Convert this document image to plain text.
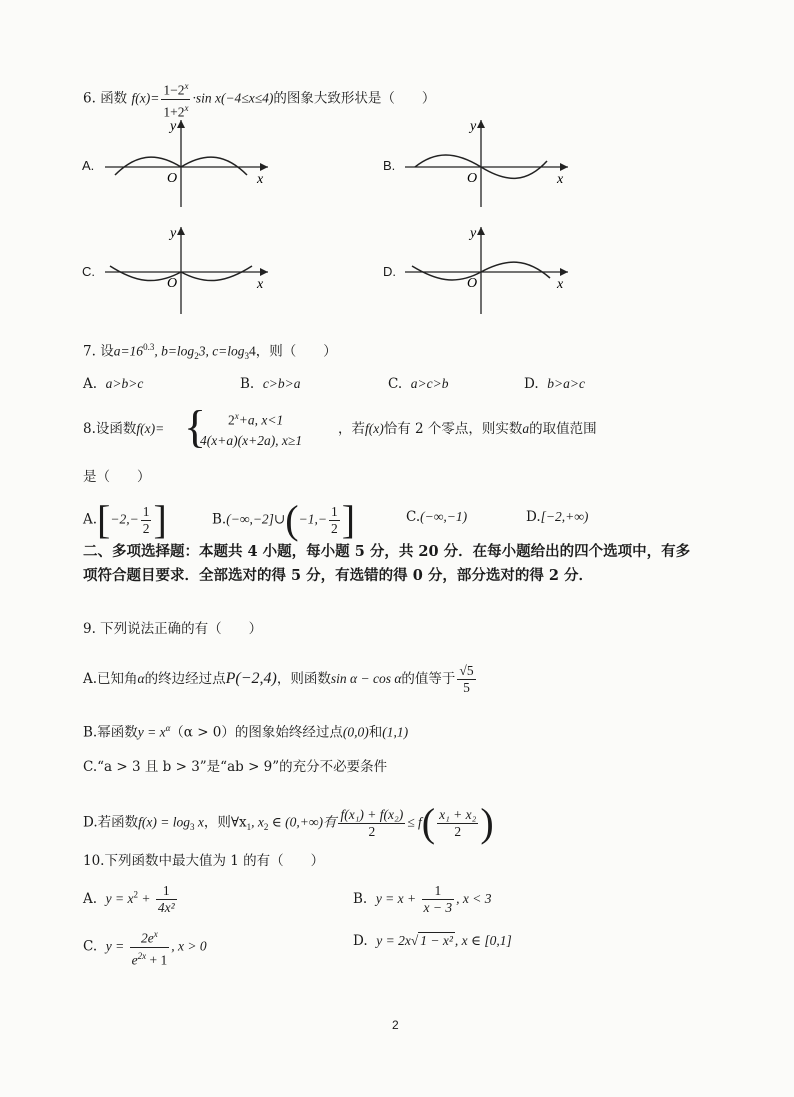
6. 函数 $f(x)= \frac{1-2^x}{1+2^x} \cdot\sin$ x(−4≤x≤4)的图象大致形状是（　　）
A.
y
O	x
B.
y
O	x
C.
y
O	x
D.
y
O	x
7. 设$a=16^{0.3}$, $b=\log_23$, $c=\log_34$，则（　　）
A. a>b>c	B. c>b>a	C. a>c>b	D. b>a>c
8.设函数f(x)= { $2^x+a$, x<1
4(x+a)(x+2a), x≥1
，若f(x)恰有 2 个零点，则实数a的取值范围
是（　　）
$A.[-2,- \frac{1}{2}$ ]	B.(−∞,−2]∪(−1,− $\frac{1}{2}$ ]	C.(−∞,−1)	D.[−2,+∞)
二、多项选择题：本题共 4 小题，每小题 5 分，共 20 分．在每小题给出的四个选项中，有多项符合题目要求．全部选对的得 5 分，有选错的得 0 分，部分选对的得 2 分．
9. 下列说法正确的有（　　）
A.已知角α的终边经过点P(−2,4)，则函数sin α − cos α的值等于 $\frac{√5}{5}$
B.幂函数$y = x^\alpha(\alpha > 0)$的图象始终经过点(0,0)和(1,1)
C.“a > 3 且 b > 3”是“ab > 9”的充分不必要条件
D.若函数$f(x) = \log_3 x$，则$\forall x_1$, $x_2$ ∈ (0,+∞)有 $\frac{\text{f(x₁) + f(x₂)}}{2} \le f( \frac{\text{x₁ + x₂}}{2}$ )
10.下列函数中最大值为 1 的有（　　）
A. $y = x^2 + \frac{1}{\text{4x²}}$	B. $y = x + \frac{1}{x - 3}$ , x < 3
C. $y = \frac{2e^x}{e^{2x} + 1}$ , x > 0	D. y = 2x√ 1 − x² , x ∈ [0,1]
2
